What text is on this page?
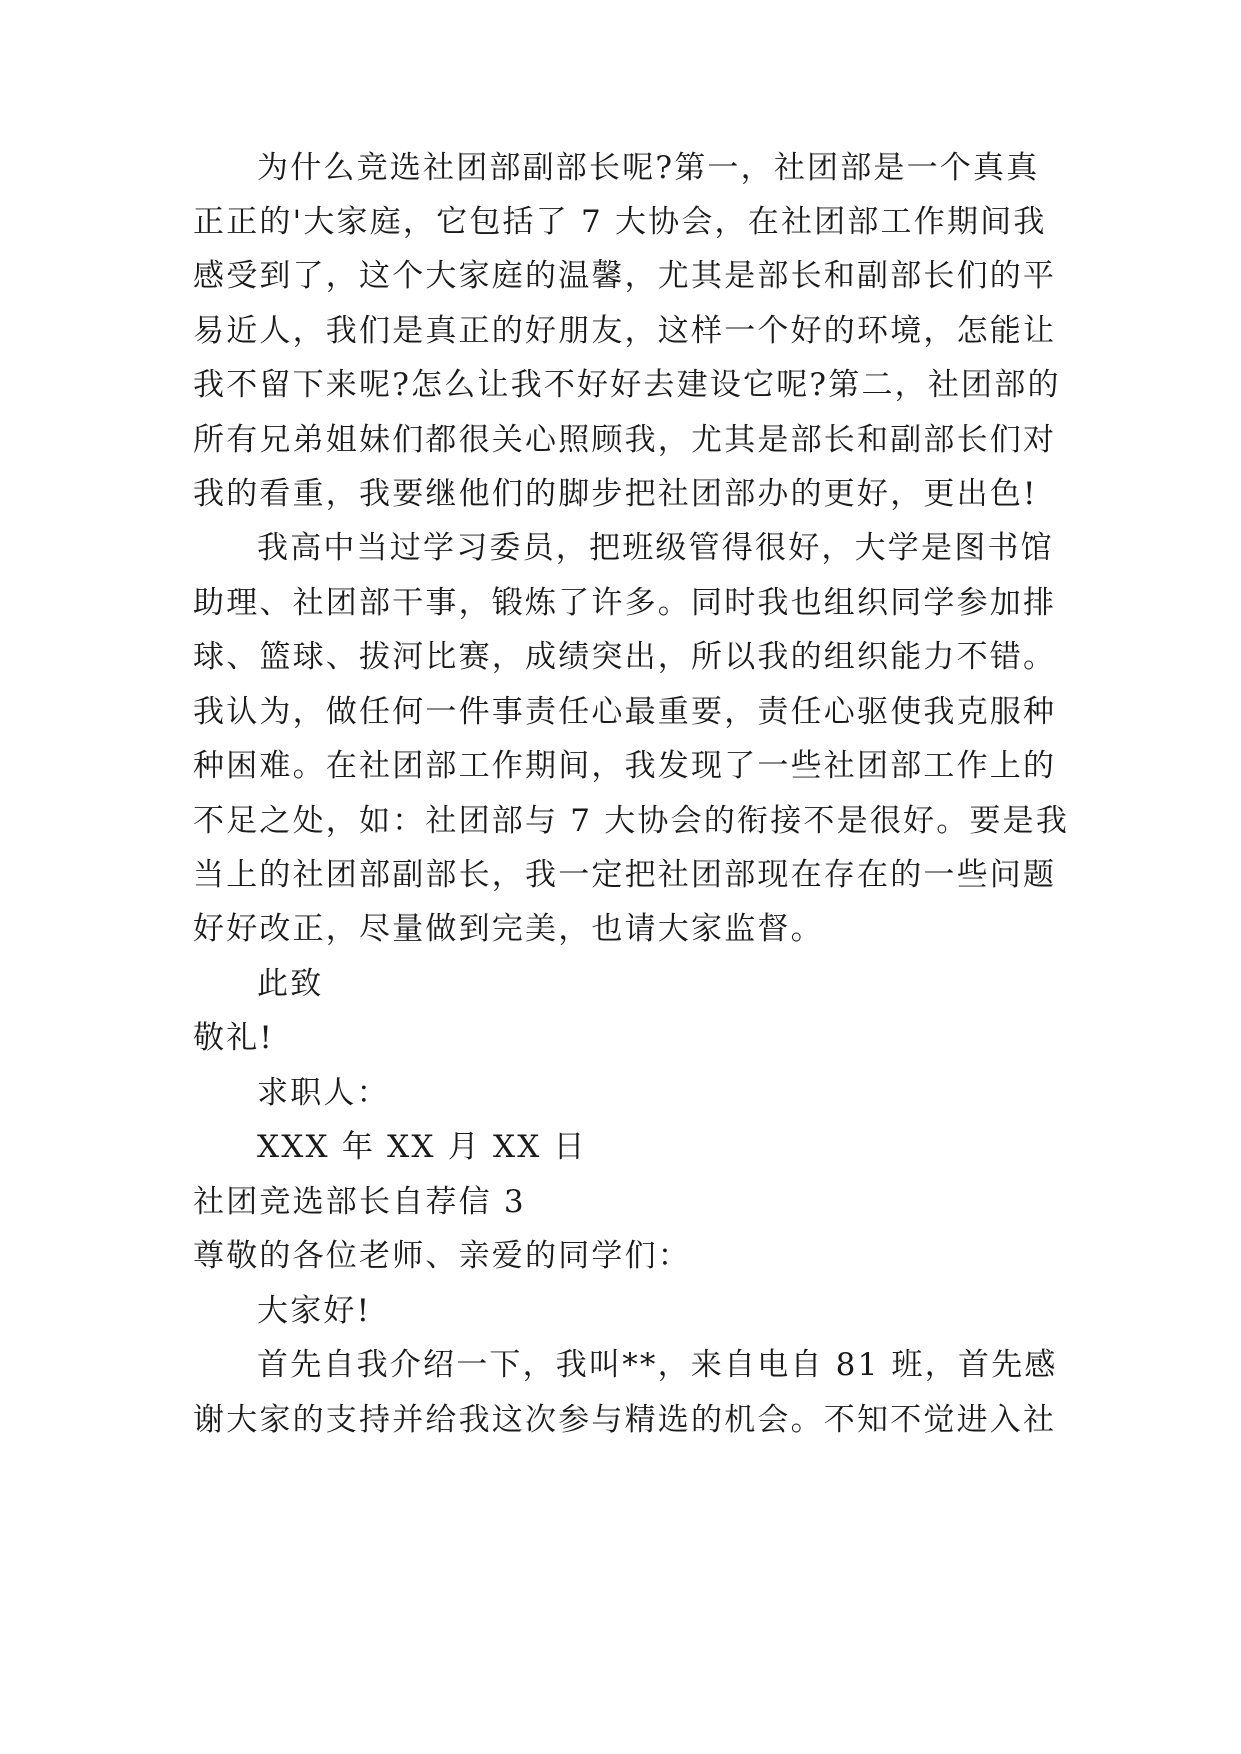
为什么竞选社团部副部长呢?第一，社团部是一个真真
正正的'大家庭，它包括了 7 大协会，在社团部工作期间我
感受到了，这个大家庭的温馨，尤其是部长和副部长们的平
易近人，我们是真正的好朋友，这样一个好的环境，怎能让
我不留下来呢?怎么让我不好好去建设它呢?第二，社团部的
所有兄弟姐妹们都很关心照顾我，尤其是部长和副部长们对
我的看重，我要继他们的脚步把社团部办的更好，更出色!
我高中当过学习委员，把班级管得很好，大学是图书馆
助理、社团部干事，锻炼了许多。同时我也组织同学参加排
球、篮球、拔河比赛，成绩突出，所以我的组织能力不错。
我认为，做任何一件事责任心最重要，责任心驱使我克服种
种困难。在社团部工作期间，我发现了一些社团部工作上的
不足之处，如：社团部与 7 大协会的衔接不是很好。要是我
当上的社团部副部长，我一定把社团部现在存在的一些问题
好好改正，尽量做到完美，也请大家监督。
此致
敬礼!
求职人：
XXX 年 XX 月 XX 日
社团竞选部长自荐信 3
尊敬的各位老师、亲爱的同学们：
大家好!
首先自我介绍一下，我叫**，来自电自 81 班，首先感
谢大家的支持并给我这次参与精选的机会。不知不觉进入社
